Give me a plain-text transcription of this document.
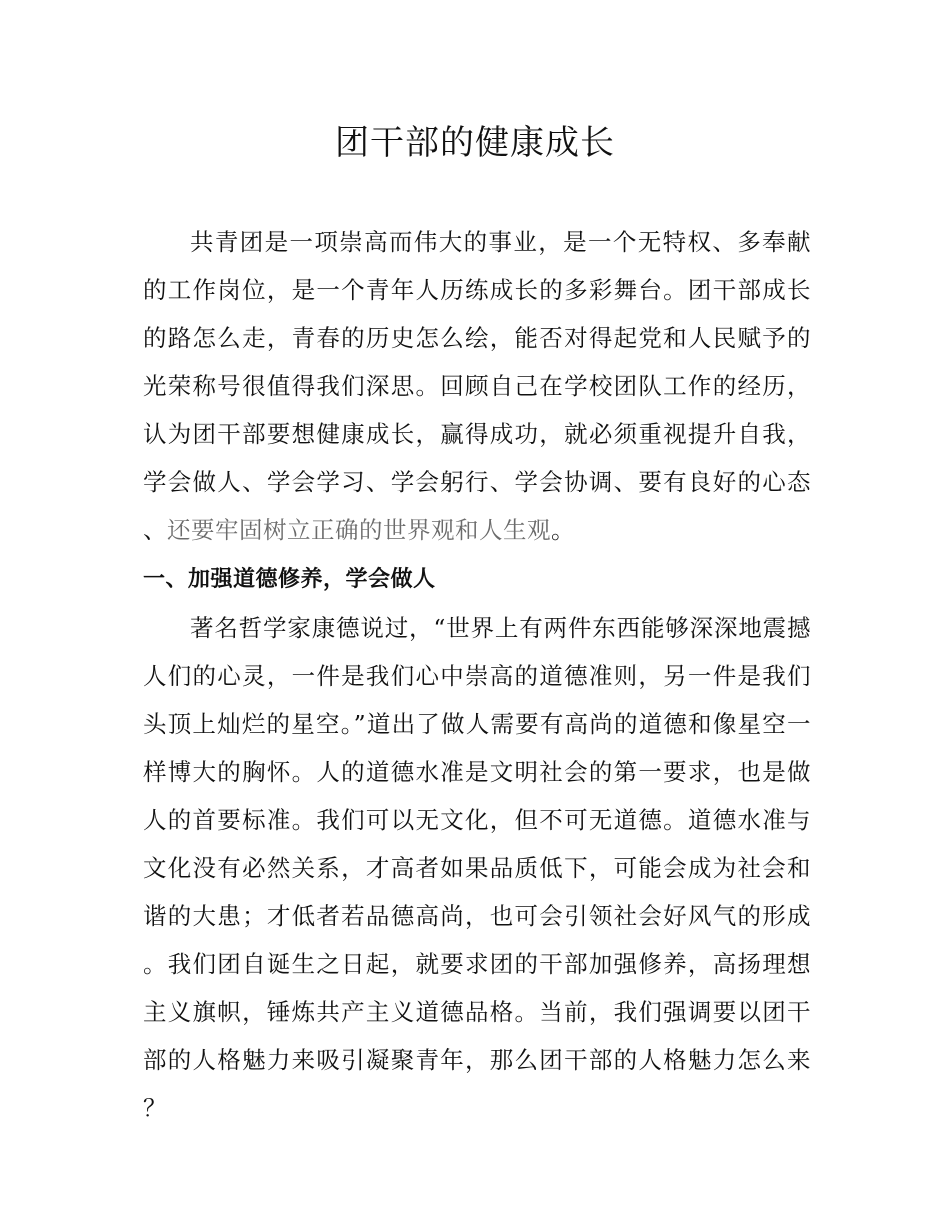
团干部的健康成长

共青团是一项崇高而伟大的事业，是一个无特权、多奉献的工作岗位，是一个青年人历练成长的多彩舞台。团干部成长的路怎么走，青春的历史怎么绘，能否对得起党和人民赋予的光荣称号很值得我们深思。回顾自己在学校团队工作的经历，认为团干部要想健康成长，赢得成功，就必须重视提升自我，学会做人、学会学习、学会躬行、学会协调、要有良好的心态、还要牢固树立正确的世界观和人生观。

一、加强道德修养，学会做人

著名哲学家康德说过，“世界上有两件东西能够深深地震撼人们的心灵，一件是我们心中崇高的道德准则，另一件是我们头顶上灿烂的星空。”道出了做人需要有高尚的道德和像星空一样博大的胸怀。人的道德水准是文明社会的第一要求，也是做人的首要标准。我们可以无文化，但不可无道德。道德水准与文化没有必然关系，才高者如果品质低下，可能会成为社会和谐的大患；才低者若品德高尚，也可会引领社会好风气的形成。我们团自诞生之日起，就要求团的干部加强修养，高扬理想主义旗帜，锤炼共产主义道德品格。当前，我们强调要以团干部的人格魅力来吸引凝聚青年，那么团干部的人格魅力怎么来？
